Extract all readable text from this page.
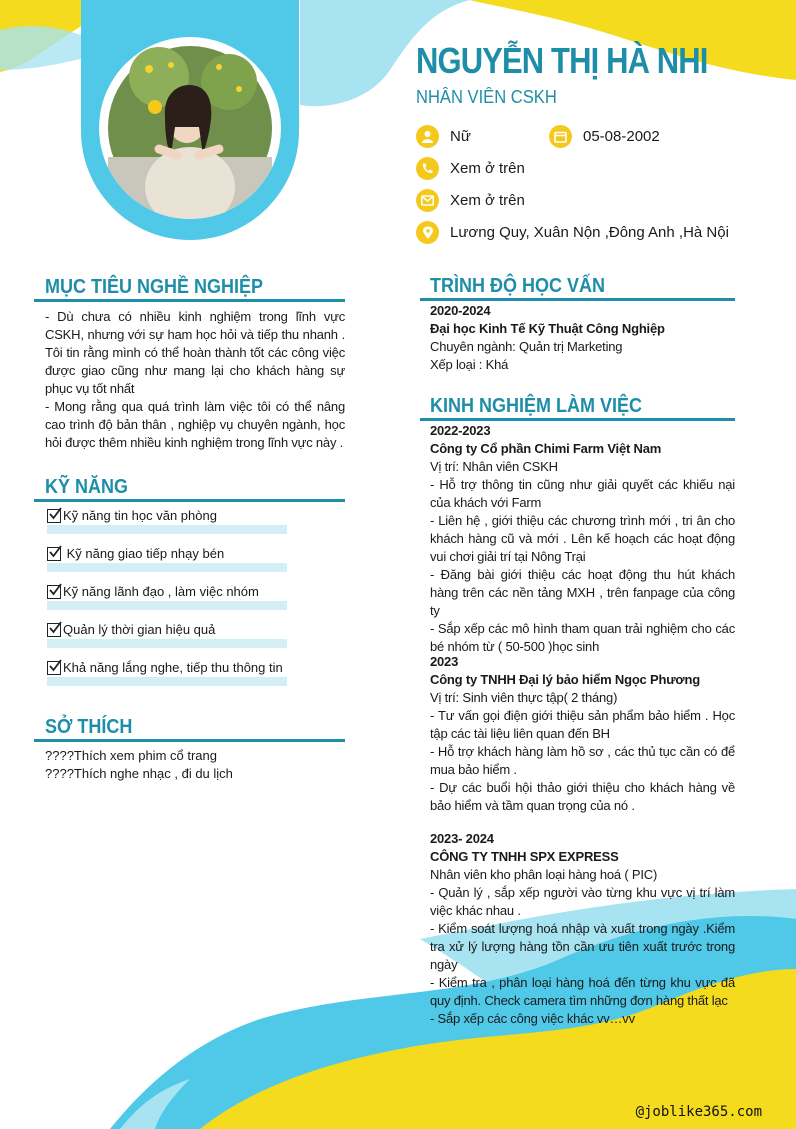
NGUYỄN THỊ HÀ NHI
NHÂN VIÊN CSKH
Nữ	05-08-2002
Xem ở trên
Xem ở trên
Lương Quy, Xuân Nộn ,Đông Anh ,Hà Nội
MỤC TIÊU NGHỀ NGHIỆP

- Dù chưa có nhiều kinh nghiệm trong lĩnh vực CSKH, nhưng với sự ham học hỏi và tiếp thu nhanh . Tôi tin rằng mình có thể hoàn thành tốt các công việc được giao cũng như mang lại cho khách hàng sự phục vụ tốt nhất

- Mong rằng qua quá trình làm việc tôi có thể nâng cao trình độ bản thân , nghiệp vụ chuyên ngành, học hỏi được thêm nhiều kinh nghiệm trong lĩnh vực này .

KỸ NĂNG
Kỹ năng tin học văn phòng
Kỹ năng giao tiếp nhạy bén
Kỹ năng lãnh đạo , làm việc nhóm
Quản lý thời gian hiệu quả
Khả năng lắng nghe, tiếp thu thông tin
SỞ THÍCH
????Thích xem phim cổ trang
????Thích nghe nhạc , đi du lịch
TRÌNH ĐỘ HỌC VẤN
2020-2024
Đại học Kinh Tế Kỹ Thuật Công Nghiệp
Chuyên ngành: Quản trị Marketing
Xếp loại : Khá
KINH NGHIỆM LÀM VIỆC
2022-2023
Công ty Cổ phần Chimi Farm Việt Nam
Vị trí: Nhân viên CSKH
- Hỗ trợ thông tin cũng như giải quyết các khiếu nại của khách với Farm
- Liên hệ , giới thiệu các chương trình mới , tri ân cho khách hàng cũ và mới . Lên kế hoạch các hoạt động vui chơi giải trí tại Nông Trại
- Đăng bài giới thiệu các hoạt động thu hút khách hàng trên các nền tảng MXH , trên fanpage của công ty
- Sắp xếp các mô hình tham quan trải nghiệm cho các bé nhóm từ ( 50-500 )học sinh
2023
Công ty TNHH Đại lý bảo hiểm Ngọc Phương
Vị trí: Sinh viên thực tập( 2 tháng)
- Tư vấn gọi điện giới thiệu sản phẩm bảo hiểm . Học tập các tài liệu liên quan đến BH
- Hỗ trợ khách hàng làm hồ sơ , các thủ tục cần có để mua bảo hiểm .
- Dự các buổi hội thảo giới thiệu cho khách hàng về bảo hiểm và tầm quan trọng của nó .
2023- 2024
CÔNG TY TNHH SPX EXPRESS
Nhân viên kho phân loại hàng hoá ( PIC)
- Quản lý , sắp xếp người vào từng khu vực vị trí làm việc khác nhau .
- Kiểm soát lượng hoá nhập và xuất trong ngày .Kiểm tra xử lý lượng hàng tồn cần ưu tiên xuất trước trong ngày
- Kiểm tra , phân loại hàng hoá đến từng khu vực đã quy định. Check camera tìm những đơn hàng thất lạc
- Sắp xếp các công việc khác vv…vv
@joblike365.com
